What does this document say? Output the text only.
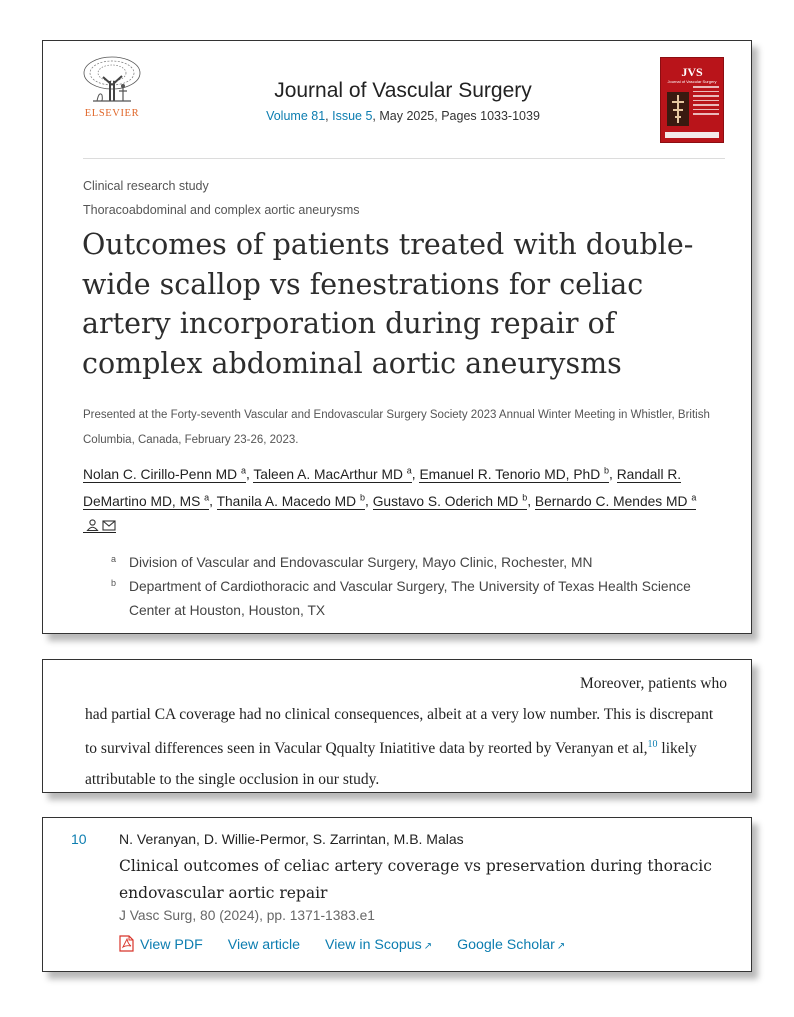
ELSEVIER
Journal of Vascular Surgery
Volume 81, Issue 5, May 2025, Pages 1033-1039
JVS
Journal of Vascular Surgery
Clinical research study
Thoracoabdominal and complex aortic aneurysms
Outcomes of patients treated with double-wide scallop vs fenestrations for celiac artery incorporation during repair of complex abdominal aortic aneurysms
Presented at the Forty-seventh Vascular and Endovascular Surgery Society 2023 Annual Winter Meeting in Whistler, British Columbia, Canada, February 23-26, 2023.
Nolan C. Cirillo-Penn MD $^a$, Taleen A. MacArthur MD $^a$, Emanuel R. Tenorio MD, PhD $^b$, Randall R. DeMartino MD, MS $^a$, Thanila A. Macedo MD $^b$, Gustavo S. Oderich MD $^b$, Bernardo C. Mendes MD $^a$
a Division of Vascular and Endovascular Surgery, Mayo Clinic, Rochester, MN
b Department of Cardiothoracic and Vascular Surgery, The University of Texas Health Science Center at Houston, Houston, TX
Moreover, patients who
had partial CA coverage had no clinical consequences, albeit at a very low number. This is discrepant to survival differences seen in Vacular Qqualty Iniatitive data by reorted by Veranyan et al,$^{10}$ likely attributable to the single occlusion in our study.
10 N. Veranyan, D. Willie-Permor, S. Zarrintan, M.B. Malas
Clinical outcomes of celiac artery coverage vs preservation during thoracic endovascular aortic repair
J Vasc Surg, 80 (2024), pp. 1371-1383.e1
View PDF View article View in Scopus ↗ Google Scholar ↗
